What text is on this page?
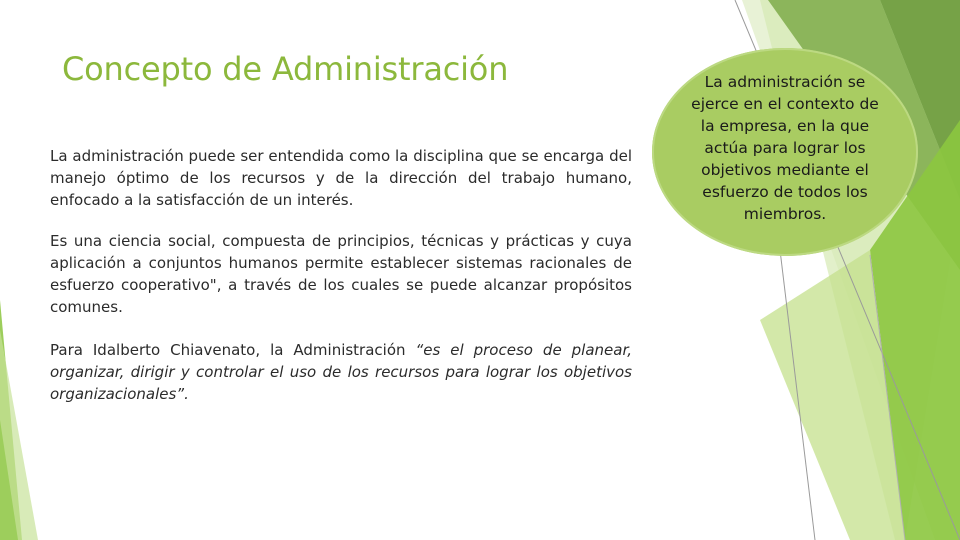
Concepto de Administración
La administración puede ser entendida como la disciplina que se encarga del manejo óptimo de los recursos y de la dirección del trabajo humano, enfocado a la satisfacción de un interés.
Es una ciencia social, compuesta de principios, técnicas y prácticas y cuya aplicación a conjuntos humanos permite establecer sistemas racionales de esfuerzo cooperativo", a través de los cuales se puede alcanzar propósitos comunes.
Para Idalberto Chiavenato, la Administración “es el proceso de planear, organizar, dirigir y controlar el uso de los recursos para lograr los objetivos organizacionales”.
La administración se ejerce en el contexto de la empresa, en la que actúa para lograr los objetivos mediante el esfuerzo de todos los miembros.
